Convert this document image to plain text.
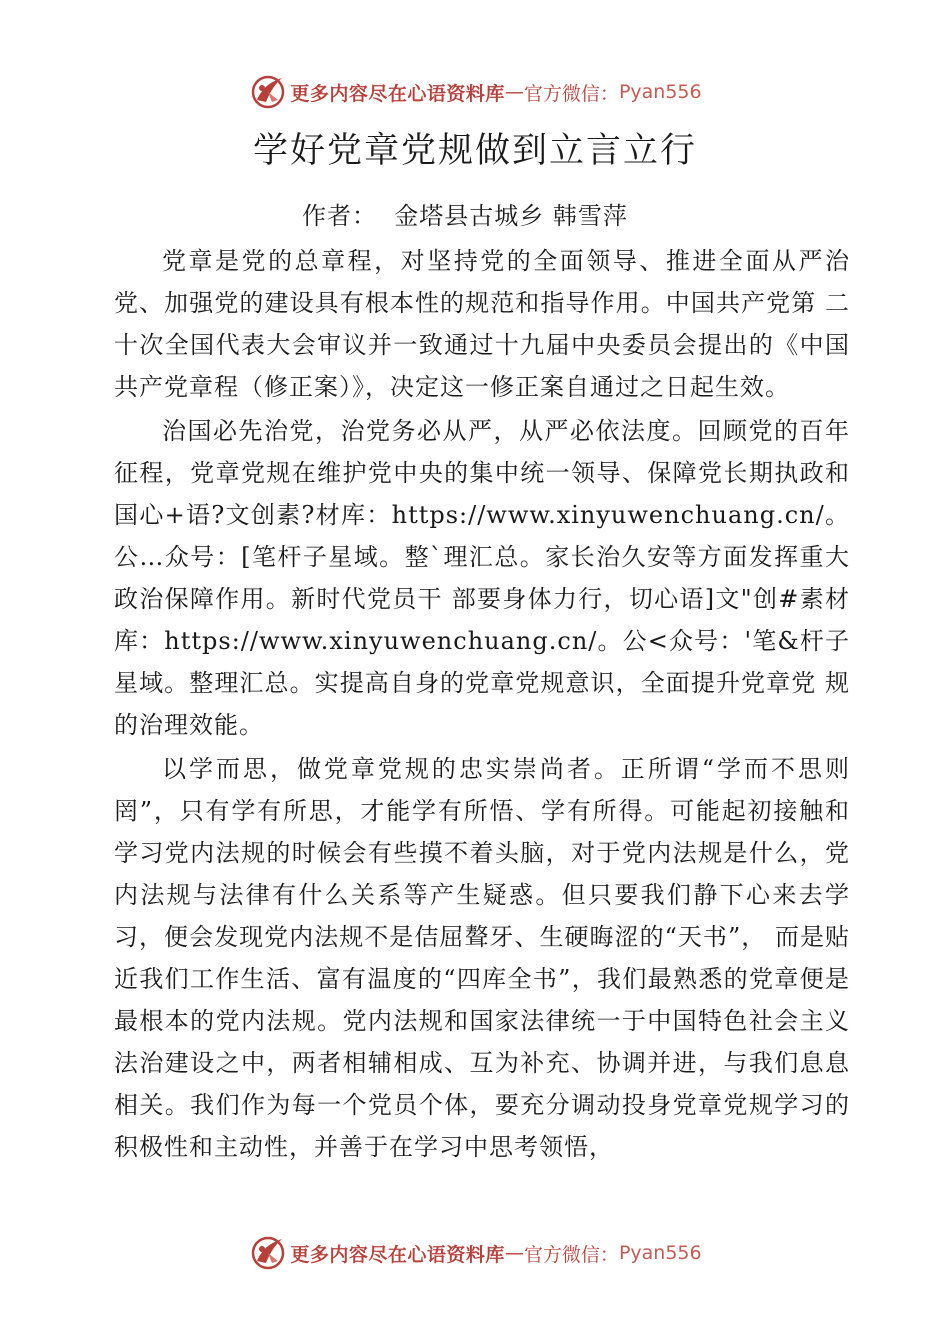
更多内容尽在心语资料库 — 官方微信： Pyan556
学好党章党规做到立言立行
作者：  金塔县古城乡 韩雪萍

党章是党的总章程，对坚持党的全面领导、推进全面从严治党、加强党的建设具有根本性的规范和指导作用。中国共产党第 二十次全国代表大会审议并一致通过十九届中央委员会提出的《中国共产党章程（修正案）》，决定这一修正案自通过之日起生效。

治国必先治党，治党务必从严，从严必依法度。回顾党的百年征程，党章党规在维护党中央的集中统一领导、保障党长期执政和国心+语?文创素?材库：https://www.xinyuwenchuang.cn/。公…众号：[笔杆子星域。整`理汇总。家长治久安等方面发挥重大政治保障作用。新时代党员干 部要身体力行，切心语]文"创#素材库：https://www.xinyuwenchuang.cn/。公<众号：'笔&杆子星域。整理汇总。实提高自身的党章党规意识，全面提升党章党 规的治理效能。

以学而思，做党章党规的忠实崇尚者。正所谓“学而不思则罔”，只有学有所思，才能学有所悟、学有所得。可能起初接触和学习党内法规的时候会有些摸不着头脑，对于党内法规是什么，党内法规与法律有什么关系等产生疑惑。但只要我们静下心来去学习，便会发现党内法规不是佶屈聱牙、生硬晦涩的“天书”， 而是贴近我们工作生活、富有温度的“四库全书”，我们最熟悉的党章便是最根本的党内法规。党内法规和国家法律统一于中国特色社会主义法治建设之中，两者相辅相成、互为补充、协调并进，与我们息息相关。我们作为每一个党员个体，要充分调动投身党章党规学习的积极性和主动性，并善于在学习中思考领悟，

更多内容尽在心语资料库 — 官方微信： Pyan556
